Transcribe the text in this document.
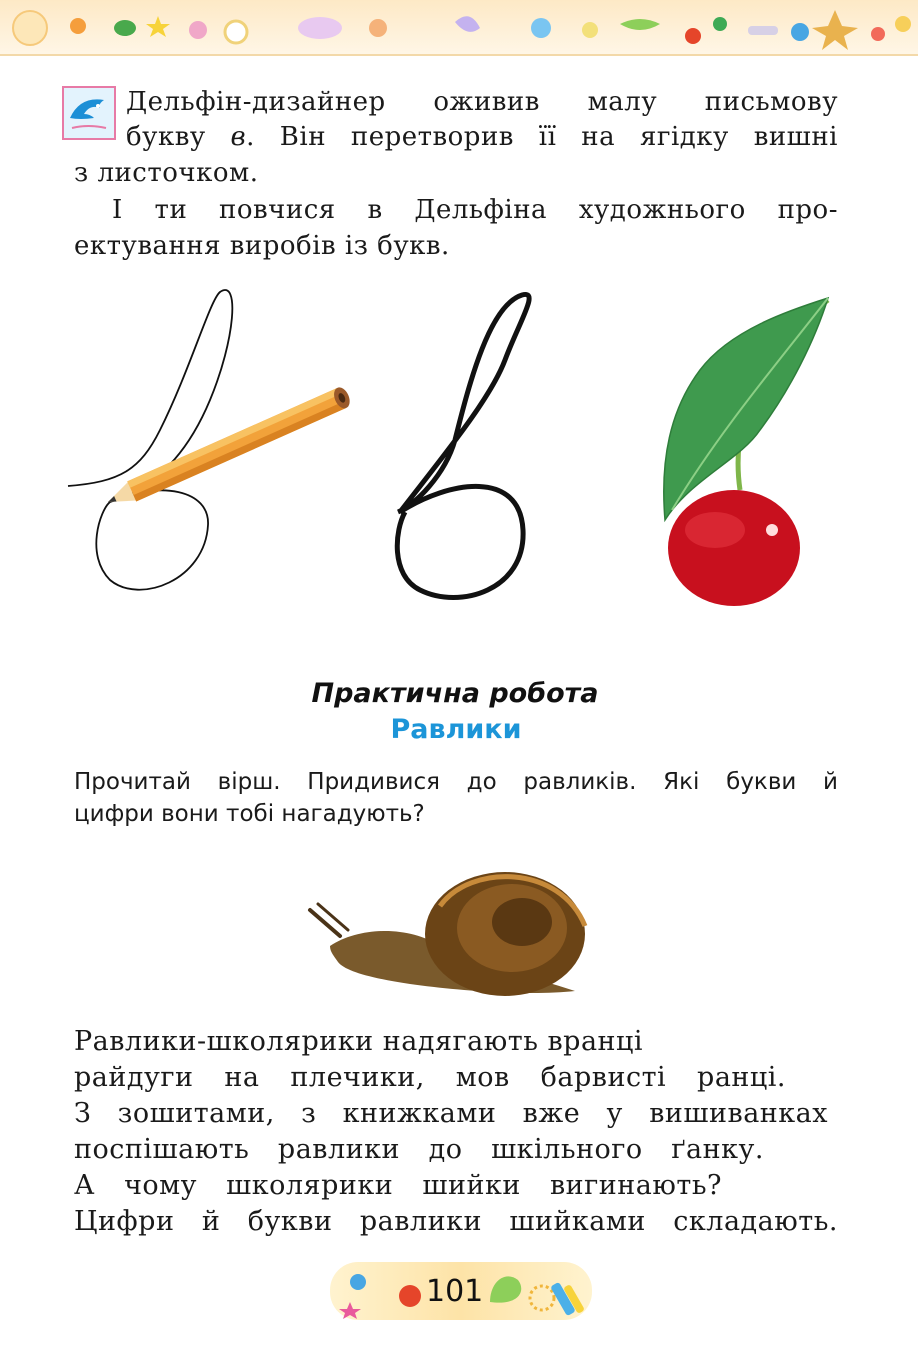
Дельфін-дизайнер оживив малу письмову
букву в. Він перетворив її на ягідку вишні
з листочком.
І ти повчися в Дельфіна художнього про-
ектування виробів із букв.
Практична робота
Равлики
Прочитай вірш. Придивися до равликів. Які букви й
цифри вони тобі нагадують?
Равлики-школярики надягають вранці
райдуги на плечики, мов барвисті ранці.
З зошитами, з книжками вже у вишиванках
поспішають равлики до шкільного ґанку.
А чому школярики шийки вигинають?
Цифри й букви равлики шийками складають.
101
